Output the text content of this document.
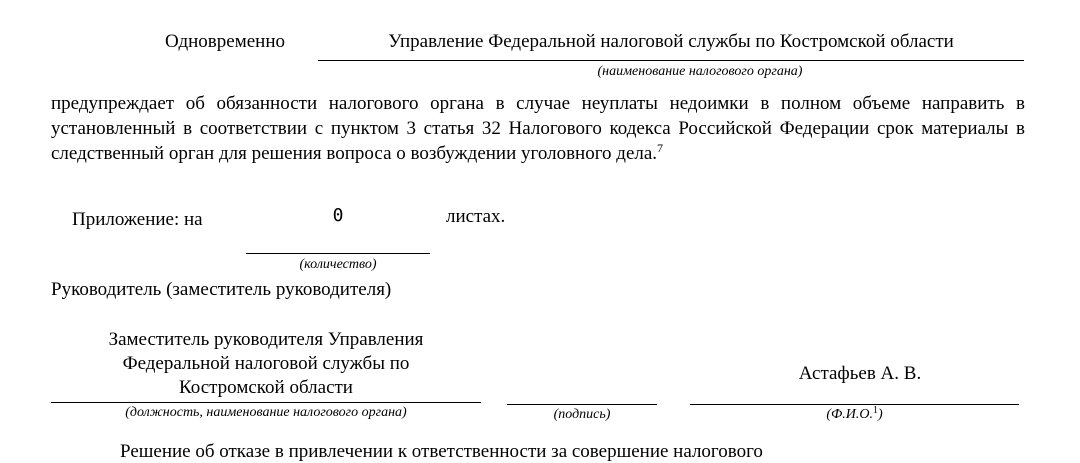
Одновременно	Управление Федеральной налоговой службы по Костромской области
(наименование налогового органа)
предупреждает об обязанности налогового органа в случае неуплаты недоимки в полном объеме направить в установленный в соответствии с пунктом 3 статья 32 Налогового кодекса Российской Федерации срок материалы в следственный орган для решения вопроса о возбуждении уголовного дела.$^7$
Приложение: на	0	листах.
(количество)
Руководитель (заместитель руководителя)
Заместитель руководителя Управления
Федеральной налоговой службы по
Костромской области
(должность, наименование налогового органа)	(подпись)
Астафьев А. В.
(Ф.И.О.$^1$)
Решение об отказе в привлечении к ответственности за совершение налогового
